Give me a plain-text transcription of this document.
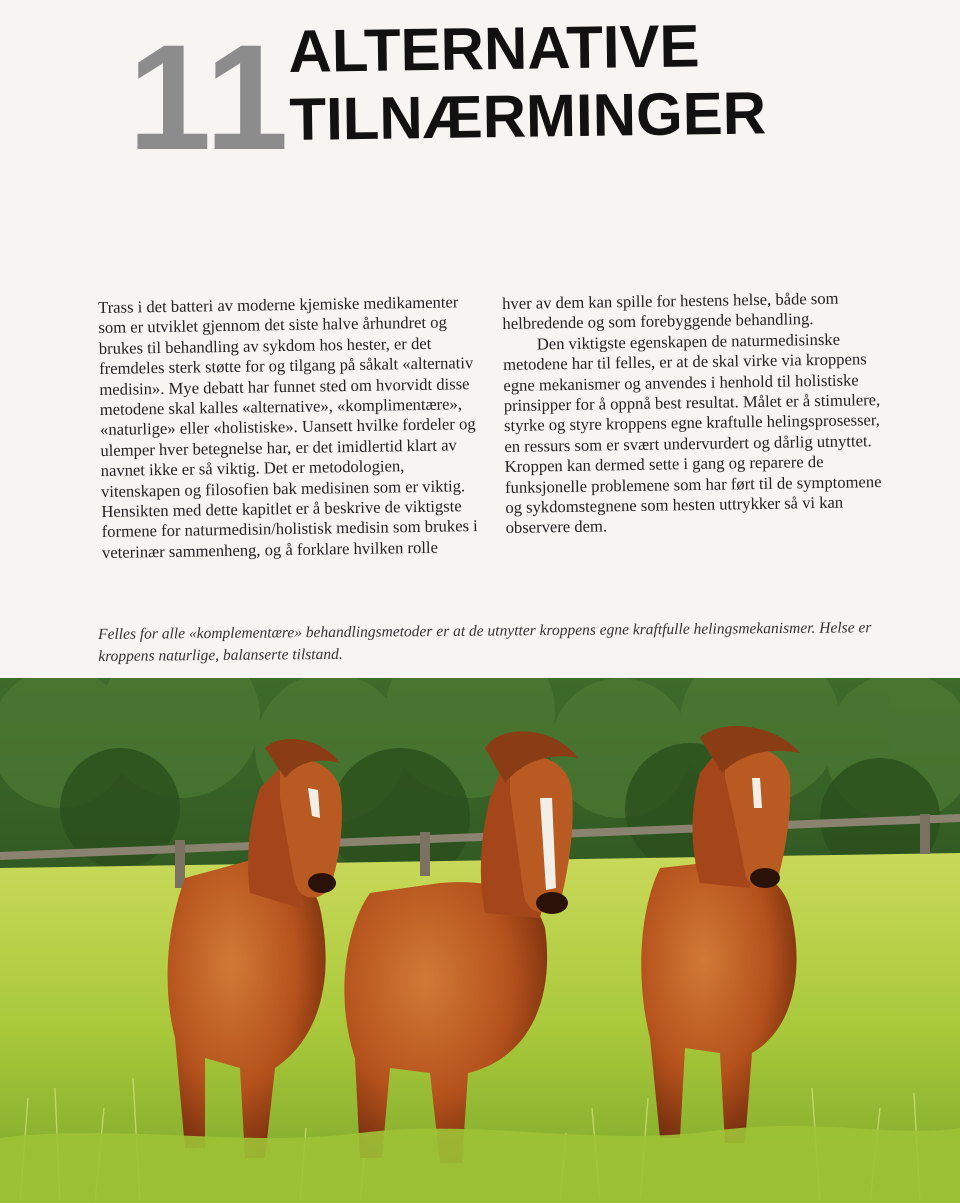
11
ALTERNATIVE
TILNÆRMINGER

Trass i det batteri av moderne kjemiske medikamenter som er utviklet gjennom det siste halve århundret og brukes til behandling av sykdom hos hester, er det fremdeles sterk støtte for og tilgang på såkalt «alternativ medisin». Mye debatt har funnet sted om hvorvidt disse metodene skal kalles «alternative», «komplimentære», «naturlige» eller «holistiske». Uansett hvilke fordeler og ulemper hver betegnelse har, er det imidlertid klart av navnet ikke er så viktig. Det er metodologien, vitenskapen og filosofien bak medisinen som er viktig. Hensikten med dette kapitlet er å beskrive de viktigste formene for naturmedisin/holistisk medisin som brukes i veterinær sammenheng, og å forklare hvilken rolle

hver av dem kan spille for hestens helse, både som helbredende og som forebyggende behandling.

Den viktigste egenskapen de naturmedisinske metodene har til felles, er at de skal virke via kroppens egne mekanismer og anvendes i henhold til holistiske prinsipper for å oppnå best resultat. Målet er å stimulere, styrke og styre kroppens egne kraftulle helingsprosesser, en ressurs som er svært undervurdert og dårlig utnyttet. Kroppen kan dermed sette i gang og reparere de funksjonelle problemene som har ført til de symptomene og sykdomstegnene som hesten uttrykker så vi kan observere dem.

Felles for alle «komplementære» behandlingsmetoder er at de utnytter kroppens egne kraftfulle helingsmekanismer. Helse er kroppens naturlige, balanserte tilstand.
